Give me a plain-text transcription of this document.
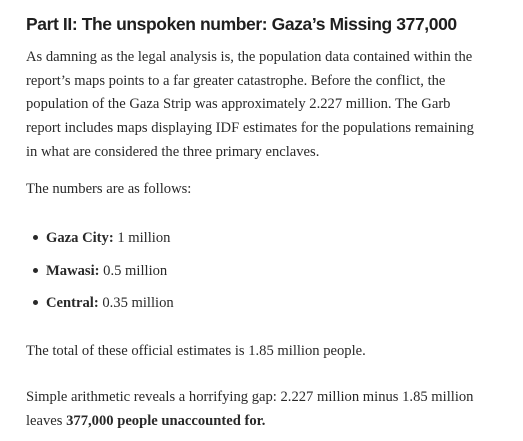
Part II: The unspoken number: Gaza’s Missing 377,000

As damning as the legal analysis is, the population data contained within the
report’s maps points to a far greater catastrophe. Before the conflict, the
population of the Gaza Strip was approximately 2.227 million. The Garb
report includes maps displaying IDF estimates for the populations remaining
in what are considered the three primary enclaves.

The numbers are as follows:

Gaza City: 1 million
Mawasi: 0.5 million
Central: 0.35 million

The total of these official estimates is 1.85 million people.

Simple arithmetic reveals a horrifying gap: 2.227 million minus 1.85 million
leaves 377,000 people unaccounted for.
